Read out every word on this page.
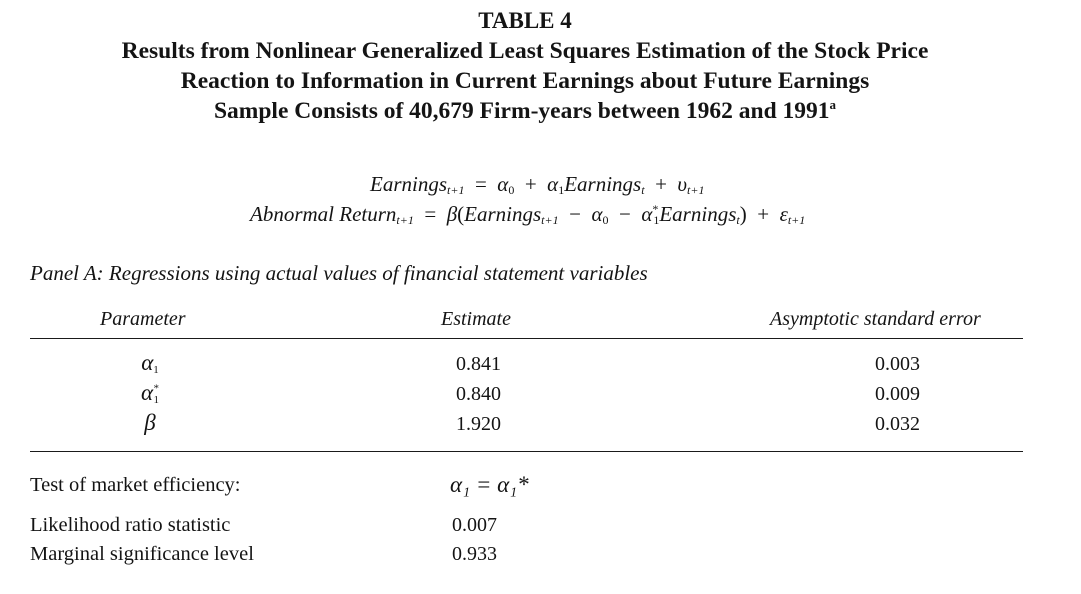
TABLE 4
Results from Nonlinear Generalized Least Squares Estimation of the Stock Price
Reaction to Information in Current Earnings about Future Earnings
Sample Consists of 40,679 Firm-years between 1962 and 1991$^a$
Earnings$_{t+1}$  =  $\alpha_0$  +  $\alpha_1Earnings_t + \upsilon_{t+1}$
Abnormal Return$_{t+1}$  =  β(Earnings$_{t+1}$  −  $\alpha_0$  −  $\alpha^*_1Earnings_t) + \varepsilon_{t+1}$
Panel A: Regressions using actual values of financial statement variables
Parameter	Estimate	Asymptotic standard error
$\alpha_1$	0.841	0.003
$\alpha^*_1$	0.840	0.009
β	1.920	0.032
Test of market efficiency:	α₁ = α₁*
Likelihood ratio statistic	0.007
Marginal significance level	0.933
